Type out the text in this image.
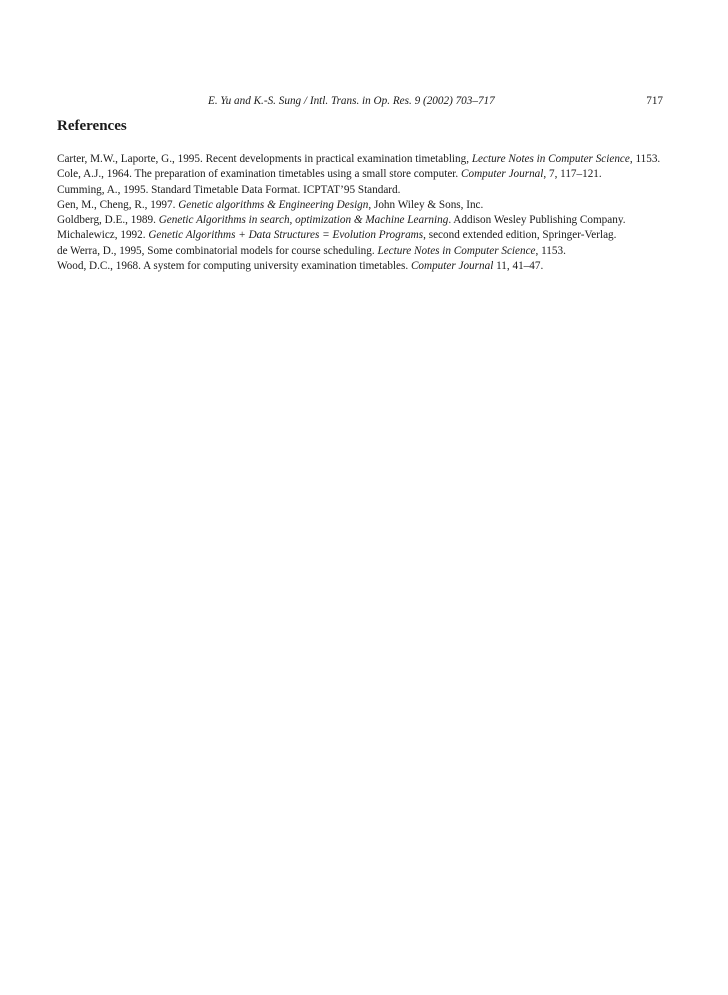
E. Yu and K.-S. Sung / Intl. Trans. in Op. Res. 9 (2002) 703–717	717
References

Carter, M.W., Laporte, G., 1995. Recent developments in practical examination timetabling, Lecture Notes in Computer Science, 1153.

Cole, A.J., 1964. The preparation of examination timetables using a small store computer. Computer Journal, 7, 117–121.

Cumming, A., 1995. Standard Timetable Data Format. ICPTAT’95 Standard.

Gen, M., Cheng, R., 1997. Genetic algorithms & Engineering Design, John Wiley & Sons, Inc.

Goldberg, D.E., 1989. Genetic Algorithms in search, optimization & Machine Learning. Addison Wesley Publishing Company.

Michalewicz, 1992. Genetic Algorithms + Data Structures = Evolution Programs, second extended edition, Springer-Verlag.

de Werra, D., 1995, Some combinatorial models for course scheduling. Lecture Notes in Computer Science, 1153.

Wood, D.C., 1968. A system for computing university examination timetables. Computer Journal 11, 41–47.
